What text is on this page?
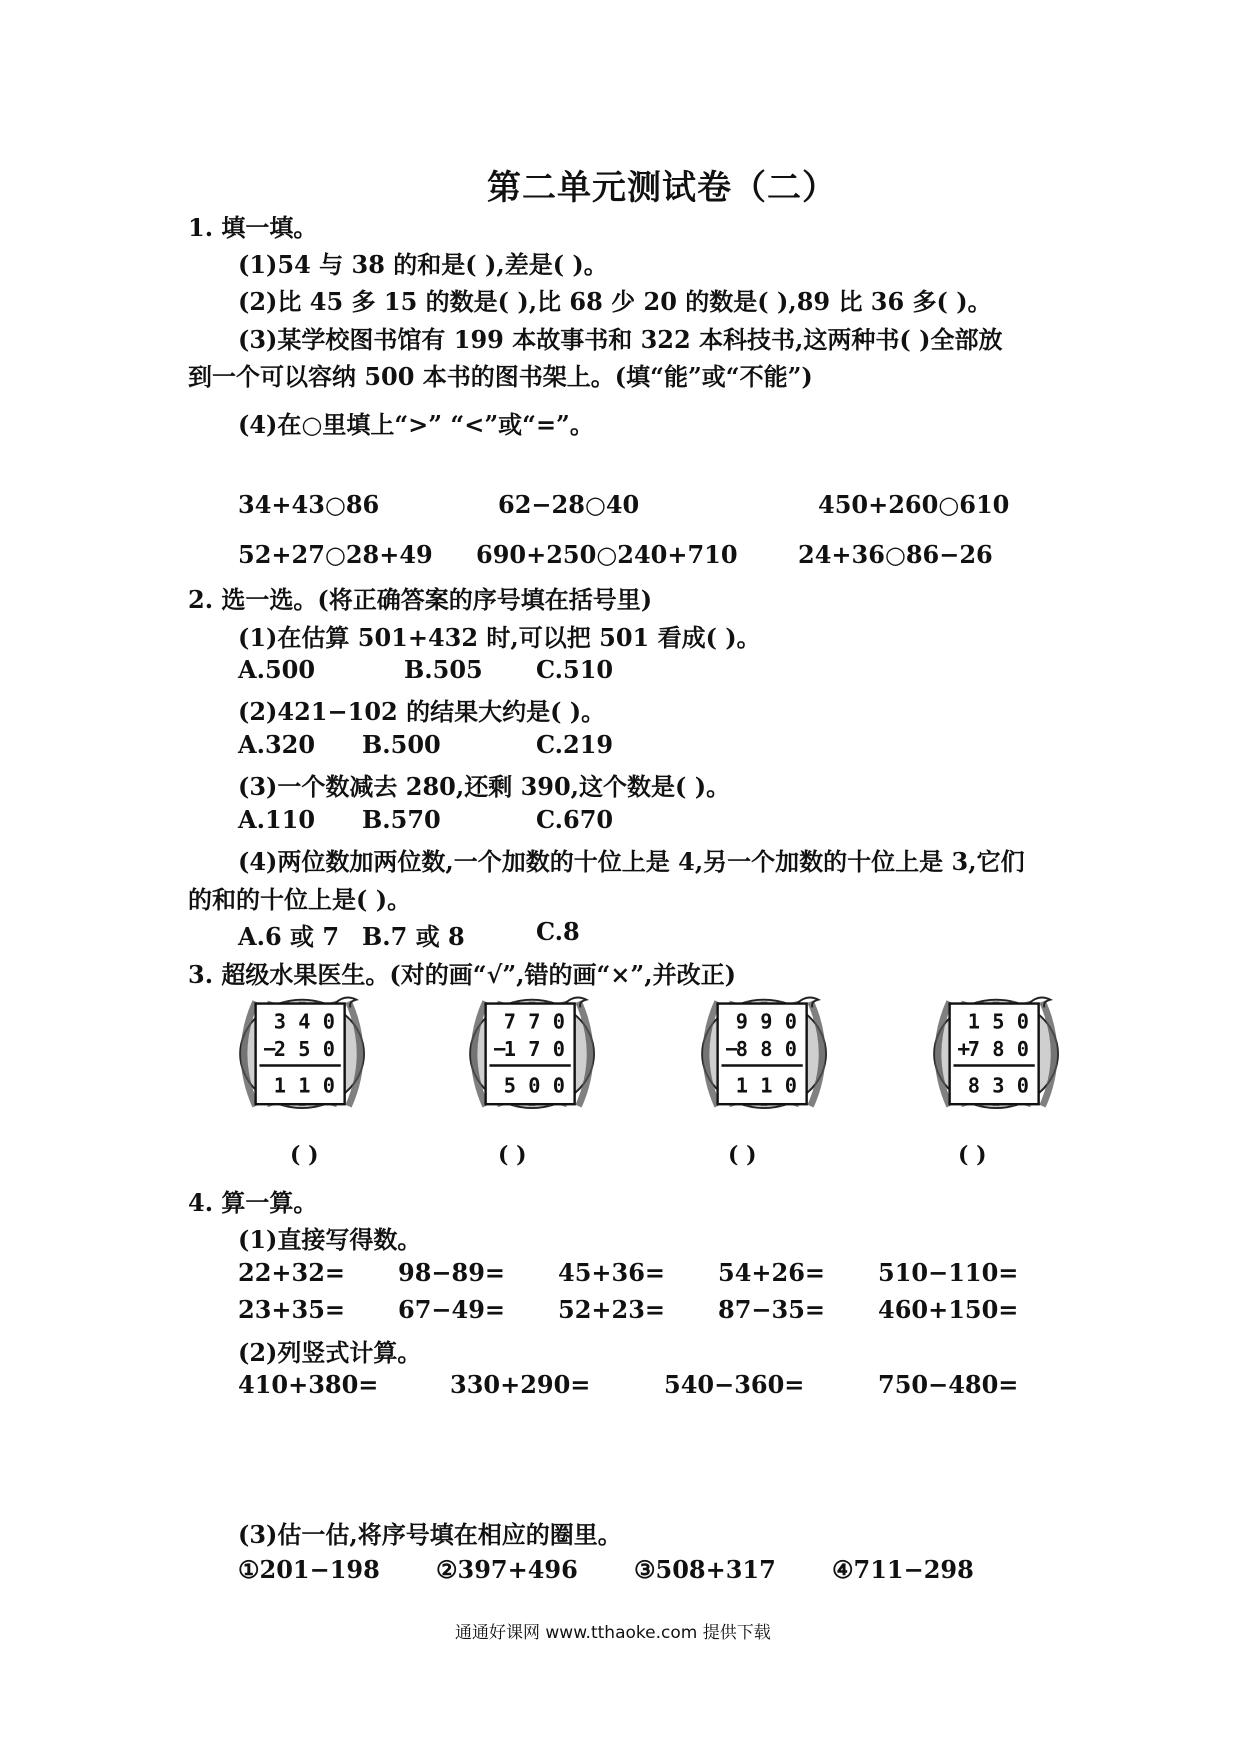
第二单元测试卷（二）
1. 填一填。
(1)54 与 38 的和是( ),差是( )。
(2)比 45 多 15 的数是( ),比 68 少 20 的数是( ),89 比 36 多( )。
(3)某学校图书馆有 199 本故事书和 322 本科技书,这两种书( )全部放
到一个可以容纳 500 本书的图书架上。(填“能”或“不能”)
(4)在○里填上“>” “<”或“=”。
34+43○86	62−28○40	450+260○610
52+27○28+49 690+250○240+710	24+36○86−26
2. 选一选。(将正确答案的序号填在括号里)
(1)在估算 501+432 时,可以把 501 看成( )。
A.500	B.505 C.510
(2)421−102 的结果大约是( )。
A.320 B.500	C.219
(3)一个数减去 280,还剩 390,这个数是( )。
A.110 B.570	C.670
(4)两位数加两位数,一个加数的十位上是 4,另一个加数的十位上是 3,它们
的和的十位上是( )。
A.6 或 7 B.7 或 8	C.8
3. 超级水果医生。(对的画“√”,错的画“×”,并改正)
3 4 0
−
2 5 0
1 1 0
7 7 0
−
1 7 0
5 0 0
9 9 0
−
8 8 0
1 1 0
1 5 0
+
7 8 0
8 3 0
( )	( )	( )	( )
4. 算一算。
(1)直接写得数。
22+32= 98−89= 45+36= 54+26= 510−110=
23+35= 67−49= 52+23= 87−35= 460+150=
(2)列竖式计算。
410+380=	330+290=	540−360=	750−480=
(3)估一估,将序号填在相应的圈里。
①201−198 ②397+496 ③508+317 ④711−298
通通好课网 www.tthaoke.com 提供下载
